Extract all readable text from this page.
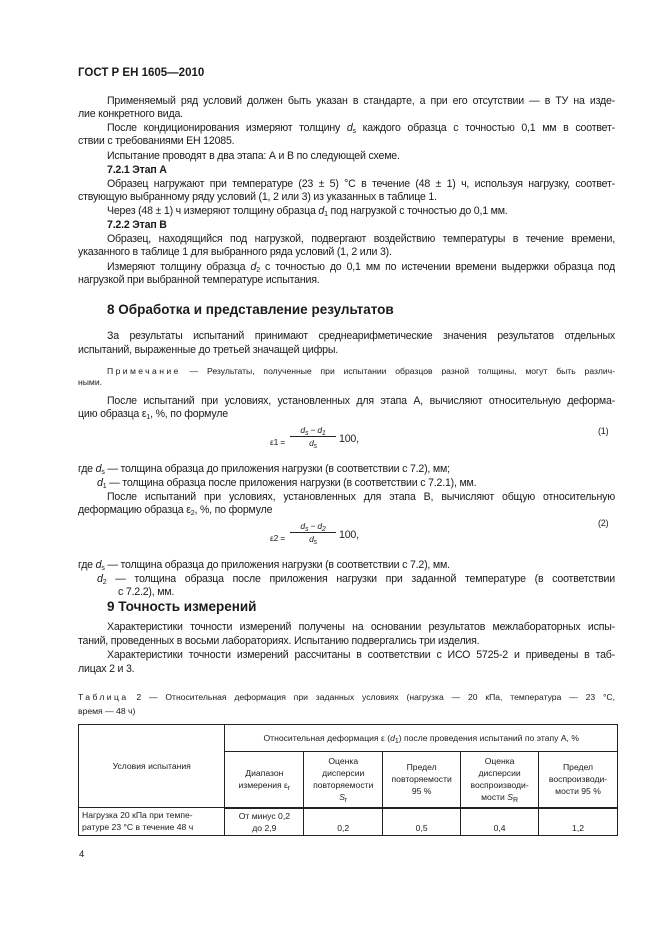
ГОСТ Р ЕН 1605—2010
Применяемый ряд условий должен быть указан в стандарте, а при его отсутствии — в ТУ на изде-
лие конкретного вида.
После кондиционирования измеряют толщину $d_s$ каждого образца с точностью 0,1 мм в соответ-
ствии с требованиями ЕН 12085.
Испытание проводят в два этапа: А и В по следующей схеме.
7.2.1 Этап А
Образец нагружают при температуре (23 ± 5) °С в течение (48 ± 1) ч, используя нагрузку, соответ-
ствующую выбранному ряду условий (1, 2 или 3) из указанных в таблице 1.
Через (48 ± 1) ч измеряют толщину образца $d_1$ под нагрузкой с точностью до 0,1 мм.
7.2.2 Этап В
Образец, находящийся под нагрузкой, подвергают воздействию температуры в течение времени,
указанного в таблице 1 для выбранного ряда условий (1, 2 или 3).
Измеряют толщину образца $d_2$ с точностью до 0,1 мм по истечении времени выдержки образца под
нагрузкой при выбранной температуре испытания.
8 Обработка и представление результатов
За результаты испытаний принимают среднеарифметические значения результатов отдельных
испытаний, выраженные до третьей значащей цифры.
Примечание — Результаты, полученные при испытании образцов разной толщины, могут быть различ-
ными.
После испытаний при условиях, установленных для этапа А, вычисляют относительную деформа-
цию образца $\varepsilon_1$, %, по формуле
$\varepsilon 1 = \frac{d_s - d_1}{d_s} 100$,
(1)
где $d_s$ — толщина образца до приложения нагрузки (в соответствии с 7.2), мм;
$d_1$ — толщина образца после приложения нагрузки (в соответствии с 7.2.1), мм.
После испытаний при условиях, установленных для этапа В, вычисляют общую относительную
деформацию образца $\varepsilon_2$, %, по формуле
$\varepsilon 2 = \frac{d_s - d_2}{d_s} 100$,
(2)
где $d_s$ — толщина образца до приложения нагрузки (в соответствии с 7.2), мм.
$d_2$ — толщина образца после приложения нагрузки при заданной температуре (в соответствии
с 7.2.2), мм.
9 Точность измерений
Характеристики точности измерений получены на основании результатов межлабораторных испы-
таний, проведенных в восьми лабораториях. Испытанию подвергались три изделия.
Характеристики точности измерений рассчитаны в соответствии с ИСО 5725-2 и приведены в таб-
лицах 2 и 3.
Таблица 2 — Относительная деформация при заданных условиях (нагрузка — 20 кПа, температура — 23 °С,
время — 48 ч)
Условия испытания	Относительная деформация ε $(d_1)$ после проведения испытаний по этапу А, %				
	Диапазон измерения $\varepsilon_r$	Оценка дисперсии повторяемости
$S_r$	Предел повторяемости 95 %	Оценка дисперсии воспроизводи-мости $S_R$	Предел воспроизводи-мости 95 %
Нагрузка 20 кПа при темпе-
ратуре 23 °С в течение 48 ч	От минус 0,2
до 2,9	0,2	0,5	0,4	1,2
4
